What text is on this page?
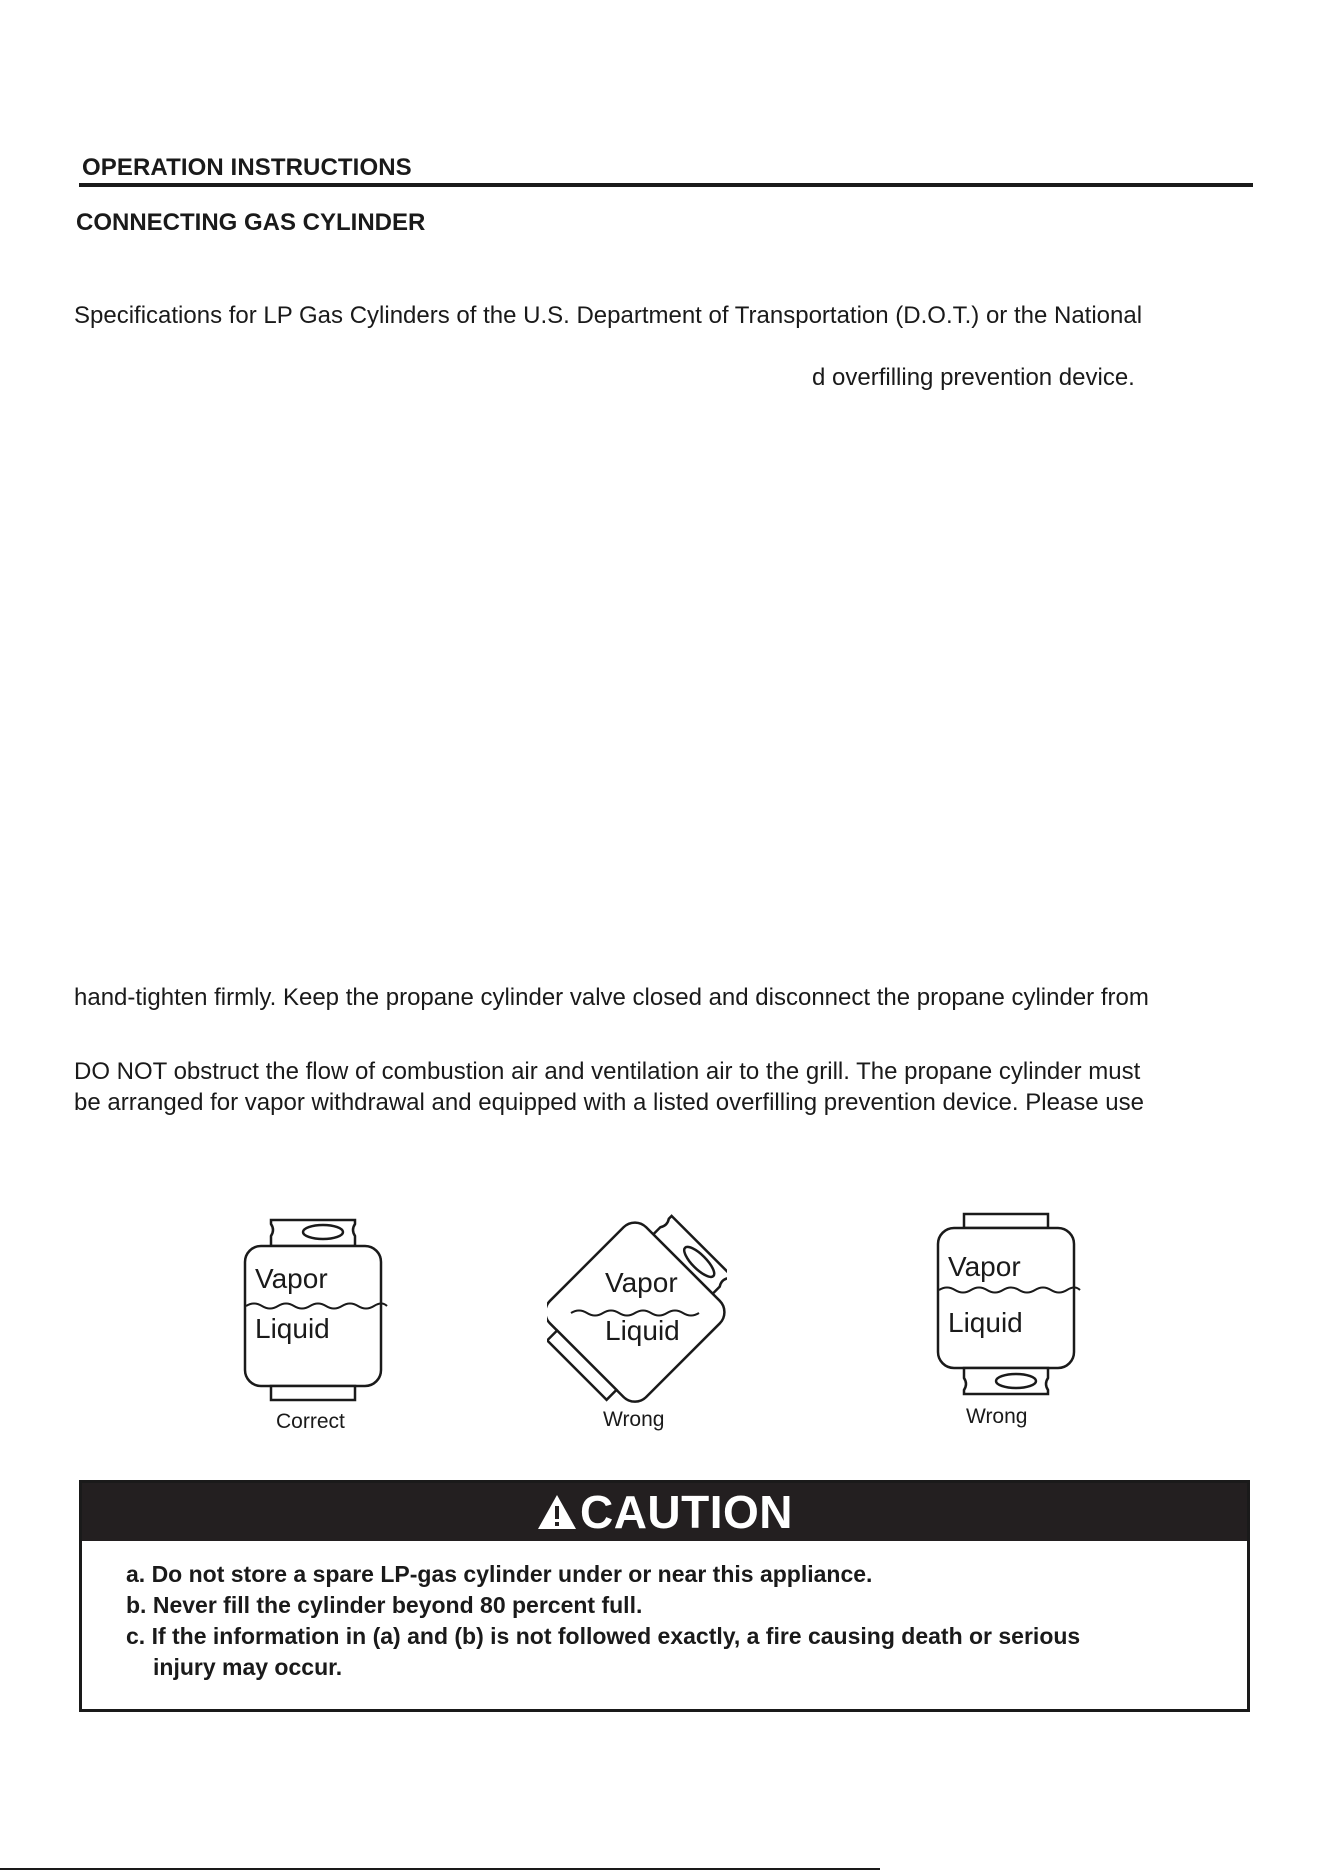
OPERATION INSTRUCTIONS
CONNECTING GAS CYLINDER
Specifications for LP Gas Cylinders of the U.S. Department of Transportation (D.O.T.) or the National
d overfilling prevention device.
hand-tighten firmly. Keep the propane cylinder valve closed and disconnect the propane cylinder from
DO NOT obstruct the flow of combustion air and ventilation air to the grill. The propane cylinder must
be arranged for vapor withdrawal and equipped with a listed overfilling prevention device. Please use
Vapor
Liquid
Vapor
Liquid
Vapor
Liquid
Correct	Wrong	Wrong
CAUTION
a. Do not store a spare LP-gas cylinder under or near this appliance.
b. Never fill the cylinder beyond 80 percent full.
c. If the information in (a) and (b) is not followed exactly, a fire causing death or serious
injury may occur.
